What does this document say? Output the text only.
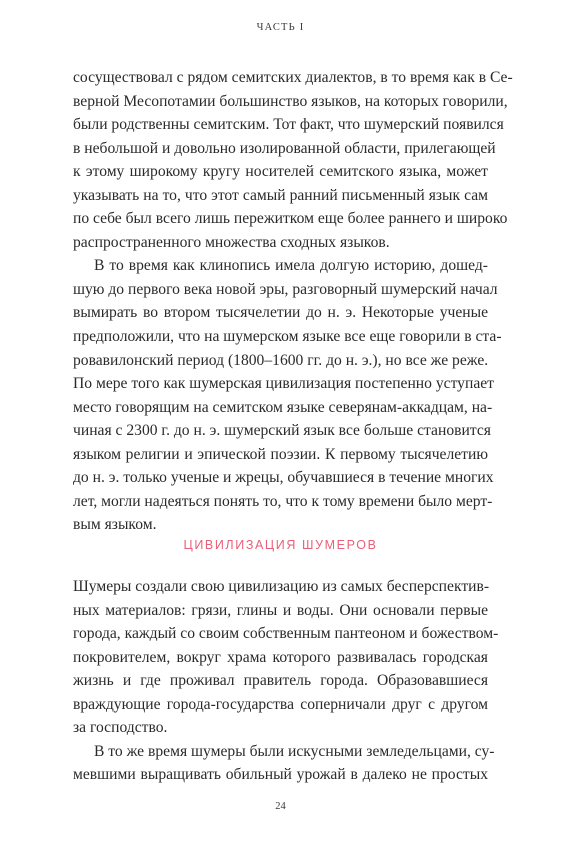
ЧАСТЬ I
сосуществовал с рядом семитских диалектов, в то время как в Се-
верной Месопотамии большинство языков, на которых говорили,
были родственны семитским. Тот факт, что шумерский появился
в небольшой и довольно изолированной области, прилегающей
к этому широкому кругу носителей семитского языка, может
указывать на то, что этот самый ранний письменный язык сам
по себе был всего лишь пережитком еще более раннего и широко
распространенного множества сходных языков.
В то время как клинопись имела долгую историю, дошед-
шую до первого века новой эры, разговорный шумерский начал
вымирать во втором тысячелетии до н. э. Некоторые ученые
предположили, что на шумерском языке все еще говорили в ста-
ровавилонский период (1800–1600 гг. до н. э.), но все же реже.
По мере того как шумерская цивилизация постепенно уступает
место говорящим на семитском языке северянам-аккадцам, на-
чиная с 2300 г. до н. э. шумерский язык все больше становится
языком религии и эпической поэзии. К первому тысячелетию
до н. э. только ученые и жрецы, обучавшиеся в течение многих
лет, могли надеяться понять то, что к тому времени было мерт-
вым языком.
ЦИВИЛИЗАЦИЯ ШУМЕРОВ
Шумеры создали свою цивилизацию из самых бесперспектив-
ных материалов: грязи, глины и воды. Они основали первые
города, каждый со своим собственным пантеоном и божеством-
покровителем, вокруг храма которого развивалась городская
жизнь и где проживал правитель города. Образовавшиеся
враждующие города-государства соперничали друг с другом
за господство.
В то же время шумеры были искусными земледельцами, су-
мевшими выращивать обильный урожай в далеко не простых
24
